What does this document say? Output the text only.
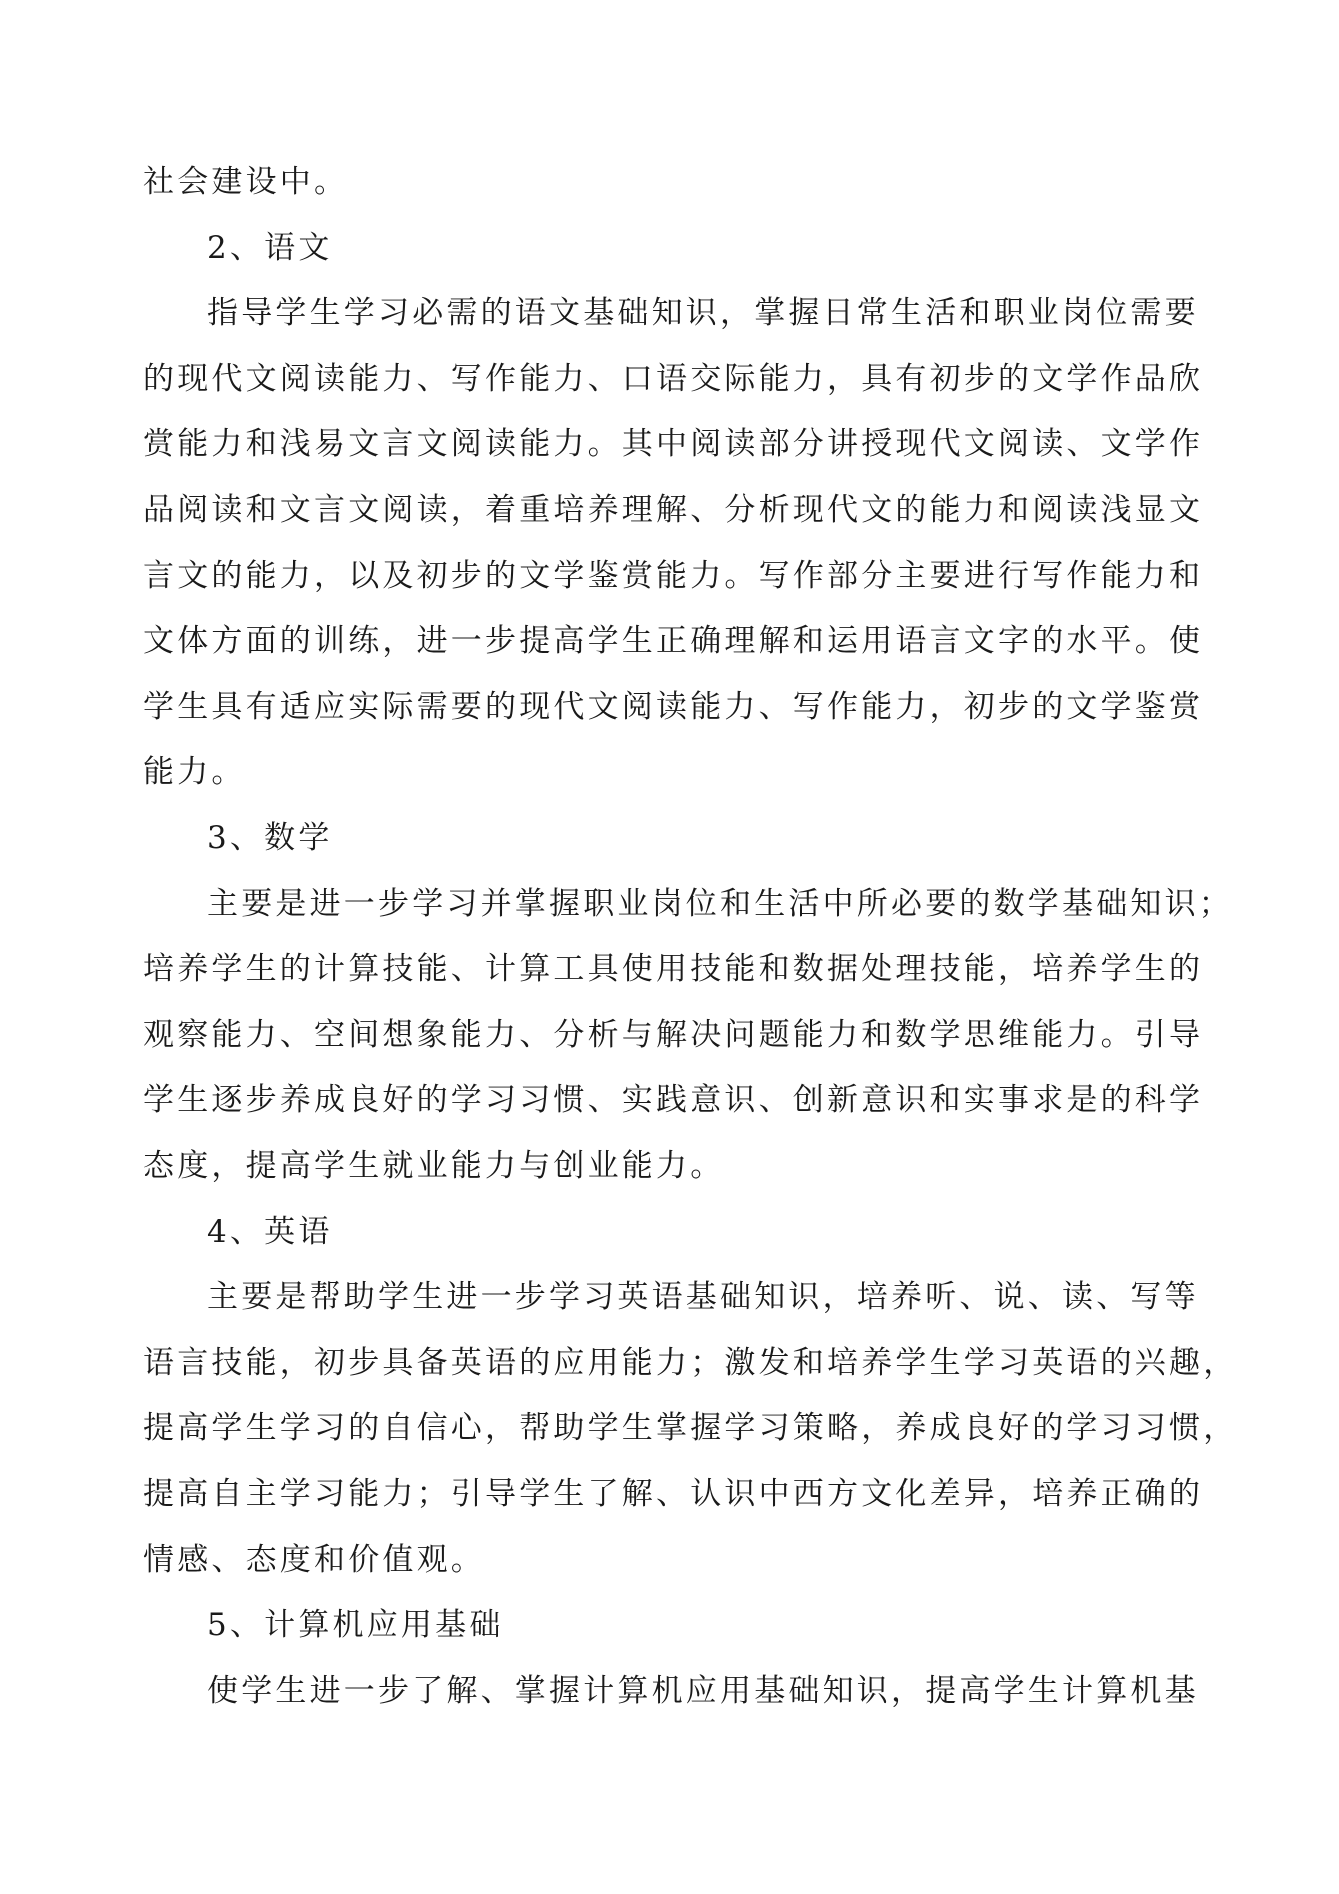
社会建设中。
2、语文
指导学生学习必需的语文基础知识，掌握日常生活和职业岗位需要
的现代文阅读能力、写作能力、口语交际能力，具有初步的文学作品欣
赏能力和浅易文言文阅读能力。其中阅读部分讲授现代文阅读、文学作
品阅读和文言文阅读，着重培养理解、分析现代文的能力和阅读浅显文
言文的能力，以及初步的文学鉴赏能力。写作部分主要进行写作能力和
文体方面的训练，进一步提高学生正确理解和运用语言文字的水平。使
学生具有适应实际需要的现代文阅读能力、写作能力，初步的文学鉴赏
能力。
3、数学
主要是进一步学习并掌握职业岗位和生活中所必要的数学基础知识；
培养学生的计算技能、计算工具使用技能和数据处理技能，培养学生的
观察能力、空间想象能力、分析与解决问题能力和数学思维能力。引导
学生逐步养成良好的学习习惯、实践意识、创新意识和实事求是的科学
态度，提高学生就业能力与创业能力。
4、英语
主要是帮助学生进一步学习英语基础知识，培养听、说、读、写等
语言技能，初步具备英语的应用能力；激发和培养学生学习英语的兴趣，
提高学生学习的自信心，帮助学生掌握学习策略，养成良好的学习习惯，
提高自主学习能力；引导学生了解、认识中西方文化差异，培养正确的
情感、态度和价值观。
5、计算机应用基础
使学生进一步了解、掌握计算机应用基础知识，提高学生计算机基
